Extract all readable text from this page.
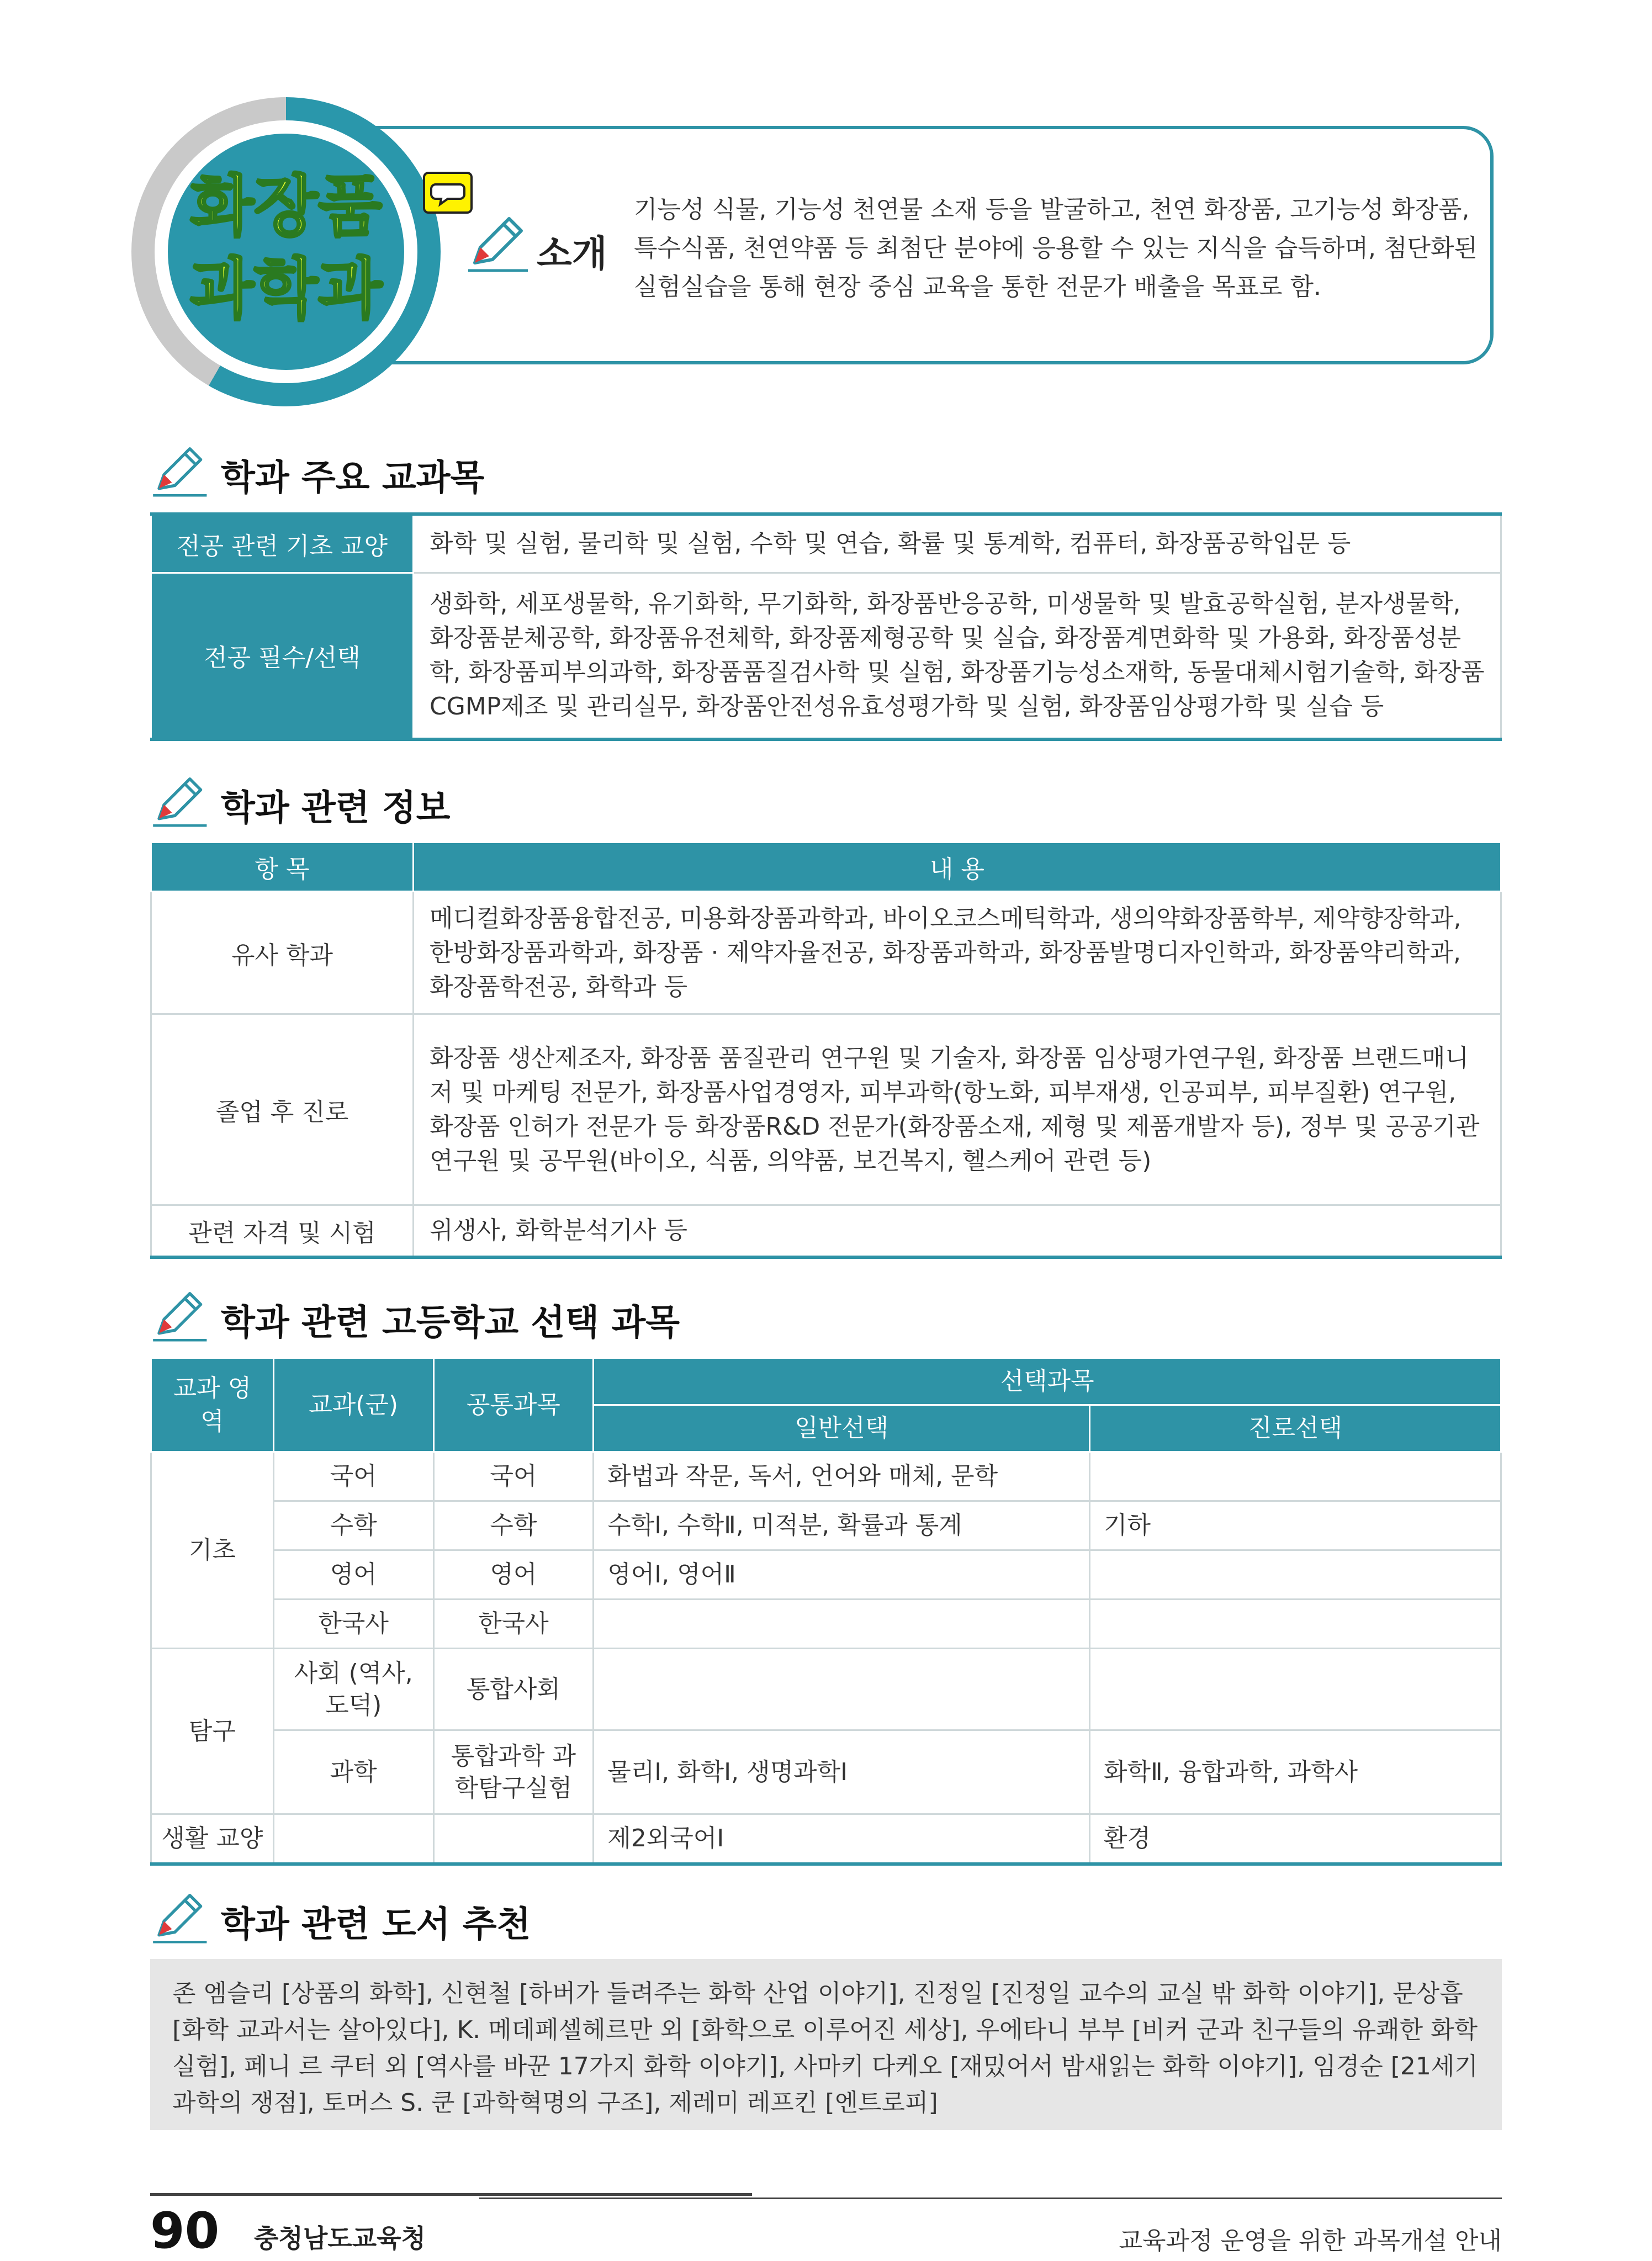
화장품
과학과	소개
기능성 식물, 기능성 천연물 소재 등을 발굴하고, 천연 화장품, 고기능성 화장품, 특수식품, 천연약품 등 최첨단 분야에 응용할 수 있는 지식을 습득하며, 첨단화된 실험실습을 통해 현장 중심 교육을 통한 전문가 배출을 목표로 함.
학과 주요 교과목
전공 관련 기초 교양	화학 및 실험, 물리학 및 실험, 수학 및 연습, 확률 및 통계학, 컴퓨터, 화장품공학입문 등
전공 필수/선택	생화학, 세포생물학, 유기화학, 무기화학, 화장품반응공학, 미생물학 및 발효공학실험, 분자생물학, 화장품분체공학, 화장품유전체학, 화장품제형공학 및 실습, 화장품계면화학 및 가용화, 화장품성분학, 화장품피부의과학, 화장품품질검사학 및 실험, 화장품기능성소재학, 동물대체시험기술학, 화장품CGMP제조 및 관리실무, 화장품안전성유효성평가학 및 실험, 화장품임상평가학 및 실습 등
학과 관련 정보
항 목	내 용
유사 학과	메디컬화장품융합전공, 미용화장품과학과, 바이오코스메틱학과, 생의약화장품학부, 제약향장학과, 한방화장품과학과, 화장품 · 제약자율전공, 화장품과학과, 화장품발명디자인학과, 화장품약리학과, 화장품학전공, 화학과 등
졸업 후 진로	화장품 생산제조자, 화장품 품질관리 연구원 및 기술자, 화장품 임상평가연구원, 화장품 브랜드매니저 및 마케팅 전문가, 화장품사업경영자, 피부과학(항노화, 피부재생, 인공피부, 피부질환) 연구원, 화장품 인허가 전문가 등 화장품R&D 전문가(화장품소재, 제형 및 제품개발자 등), 정부 및 공공기관 연구원 및 공무원(바이오, 식품, 의약품, 보건복지, 헬스케어 관련 등)
관련 자격 및 시험	위생사, 화학분석기사 등
학과 관련 고등학교 선택 과목
교과 영역	교과(군)	공통과목	선택과목	
			일반선택	진로선택
기초	국어	국어	화법과 작문, 독서, 언어와 매체, 문학	
	수학	수학	수학Ⅰ, 수학Ⅱ, 미적분, 확률과 통계	기하
	영어	영어	영어Ⅰ, 영어Ⅱ	
	한국사	한국사		
탐구	사회 (역사,도덕)	통합사회		
	과학	통합과학 과학탐구실험	물리Ⅰ, 화학Ⅰ, 생명과학Ⅰ	화학Ⅱ, 융합과학, 과학사
생활 교양			제2외국어Ⅰ	환경
학과 관련 도서 추천
존 엠슬리 [상품의 화학], 신현철 [하버가 들려주는 화학 산업 이야기], 진정일 [진정일 교수의 교실 밖 화학 이야기], 문상흡 [화학 교과서는 살아있다], K. 메데페셀헤르만 외 [화학으로 이루어진 세상], 우에타니 부부 [비커 군과 친구들의 유쾌한 화학 실험], 페니 르 쿠터 외 [역사를 바꾼 17가지 화학 이야기], 사마키 다케오 [재밌어서 밤새읽는 화학 이야기], 임경순 [21세기 과학의 쟁점], 토머스 S. 쿤 [과학혁명의 구조], 제레미 레프킨 [엔트로피]
90 충청남도교육청	교육과정 운영을 위한 과목개설 안내
